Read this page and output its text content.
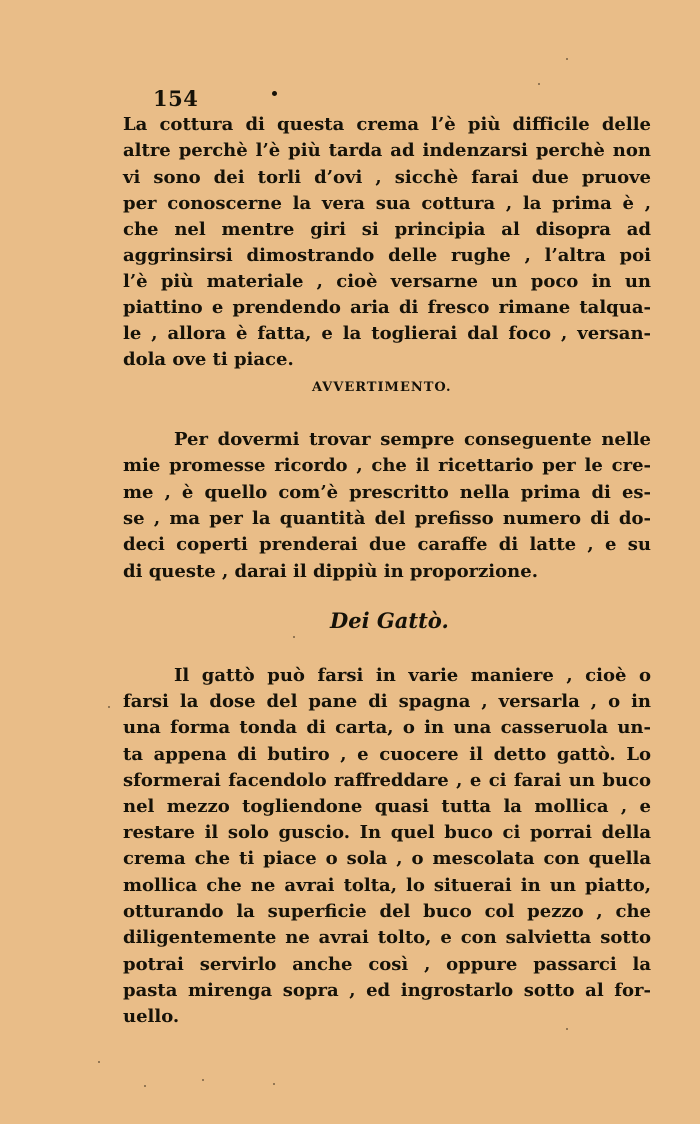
154

La cottura di questa crema l’è più difficile delle

altre perchè l’è più tarda ad indenzarsi perchè non

vi sono dei torli d’ovi , sicchè farai due pruove

per conoscerne la vera sua cottura , la prima è ,

che nel mentre giri si principia al disopra ad

aggrinsirsi dimostrando delle rughe , l’altra poi

l’è più materiale , cioè versarne un poco in un

piattino e prendendo aria di fresco rimane talqua-

le , allora è fatta, e la toglierai dal foco , versan-

dola ove ti piace.

AVVERTIMENTO.

Per dovermi trovar sempre conseguente nelle

mie promesse ricordo , che il ricettario per le cre-

me , è quello com’è prescritto nella prima di es-

se , ma per la quantità del prefisso numero di do-

deci coperti prenderai due caraffe di latte , e su

di queste , darai il dippiù in proporzione.

Dei Gattò.

Il gattò può farsi in varie maniere , cioè o

farsi la dose del pane di spagna , versarla , o in

una forma tonda di carta, o in una casseruola un-

ta appena di butiro , e cuocere il detto gattò. Lo

sformerai facendolo raffreddare , e ci farai un buco

nel mezzo togliendone quasi tutta la mollica , e

restare il solo guscio. In quel buco ci porrai della

crema che ti piace o sola , o mescolata con quella

mollica che ne avrai tolta, lo situerai in un piatto,

otturando la superficie del buco col pezzo , che

diligentemente ne avrai tolto, e con salvietta sotto

potrai servirlo anche così , oppure passarci la

pasta mirenga sopra , ed ingrostarlo sotto al for-

uello.
